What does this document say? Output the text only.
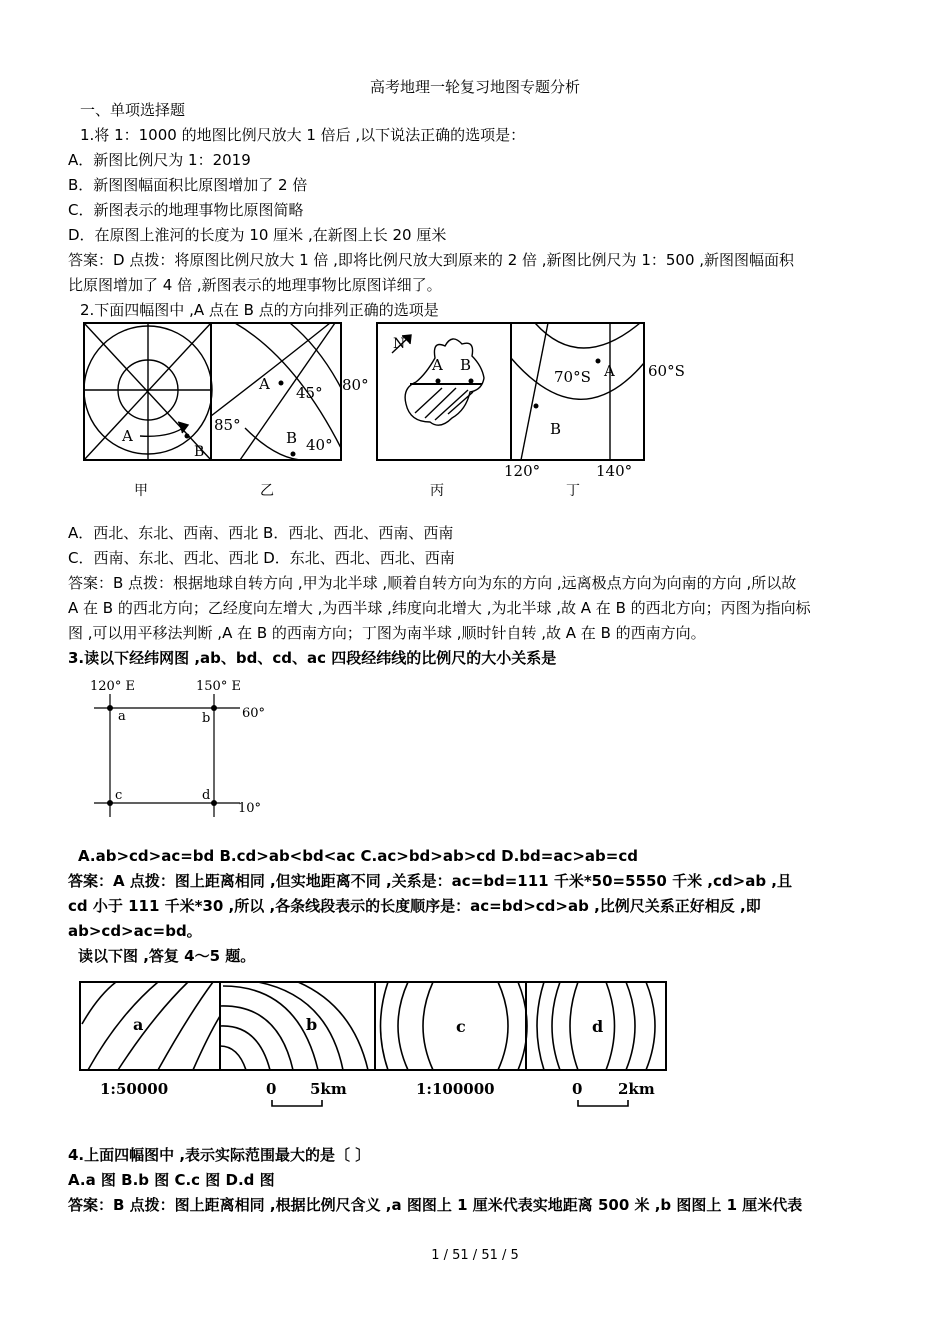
高考地理一轮复习地图专题分析
一、单项选择题
1.将 1：1000 的地图比例尺放大 1 倍后 ,以下说法正确的选项是：
A．新图比例尺为 1：2019
B．新图图幅面积比原图增加了 2 倍
C．新图表示的地理事物比原图简略
D．在原图上淮河的长度为 10 厘米 ,在新图上长 20 厘米
答案：D 点拨：将原图比例尺放大 1 倍 ,即将比例尺放大到原来的 2 倍 ,新图比例尺为 1：500 ,新图图幅面积
比原图增加了 4 倍 ,新图表示的地理事物比原图详细了。
2.下面四幅图中 ,A 点在 B 点的方向排列正确的选项是
A
B
A
B
45° 80°
85°
40°
N
A B
70°S A 60°S
B
120°	140°
甲	乙	丙	丁
A．西北、东北、西南、西北 B．西北、西北、西南、西南
C．西南、东北、西北、西北 D．东北、西北、西北、西南
答案：B 点拨：根据地球自转方向 ,甲为北半球 ,顺着自转方向为东的方向 ,远离极点方向为向南的方向 ,所以故
A 在 B 的西北方向；乙经度向左增大 ,为西半球 ,纬度向北增大 ,为北半球 ,故 A 在 B 的西北方向；丙图为指向标
图 ,可以用平移法判断 ,A 在 B 的西南方向；丁图为南半球 ,顺时针自转 ,故 A 在 B 的西南方向。
3.读以下经纬网图 ,ab、bd、cd、ac 四段经纬线的比例尺的大小关系是
120° E	150° E
60°
10°
a	b
c	d
A.ab>cd>ac=bd B.cd>ab<bd<ac C.ac>bd>ab>cd D.bd=ac>ab=cd
答案：A 点拨：图上距离相同 ,但实地距离不同 ,关系是：ac=bd=111 千米*50=5550 千米 ,cd>ab ,且
cd 小于 111 千米*30 ,所以 ,各条线段表示的长度顺序是：ac=bd>cd>ab ,比例尺关系正好相反 ,即
ab>cd>ac=bd。
读以下图 ,答复 4～5 题。
a	b	c	d
1:50000	0 5km	1:100000	0 2km
4.上面四幅图中 ,表示实际范围最大的是〔 〕
A.a 图 B.b 图 C.c 图 D.d 图
答案：B 点拨：图上距离相同 ,根据比例尺含义 ,a 图图上 1 厘米代表实地距离 500 米 ,b 图图上 1 厘米代表
1 / 51 / 51 / 5
